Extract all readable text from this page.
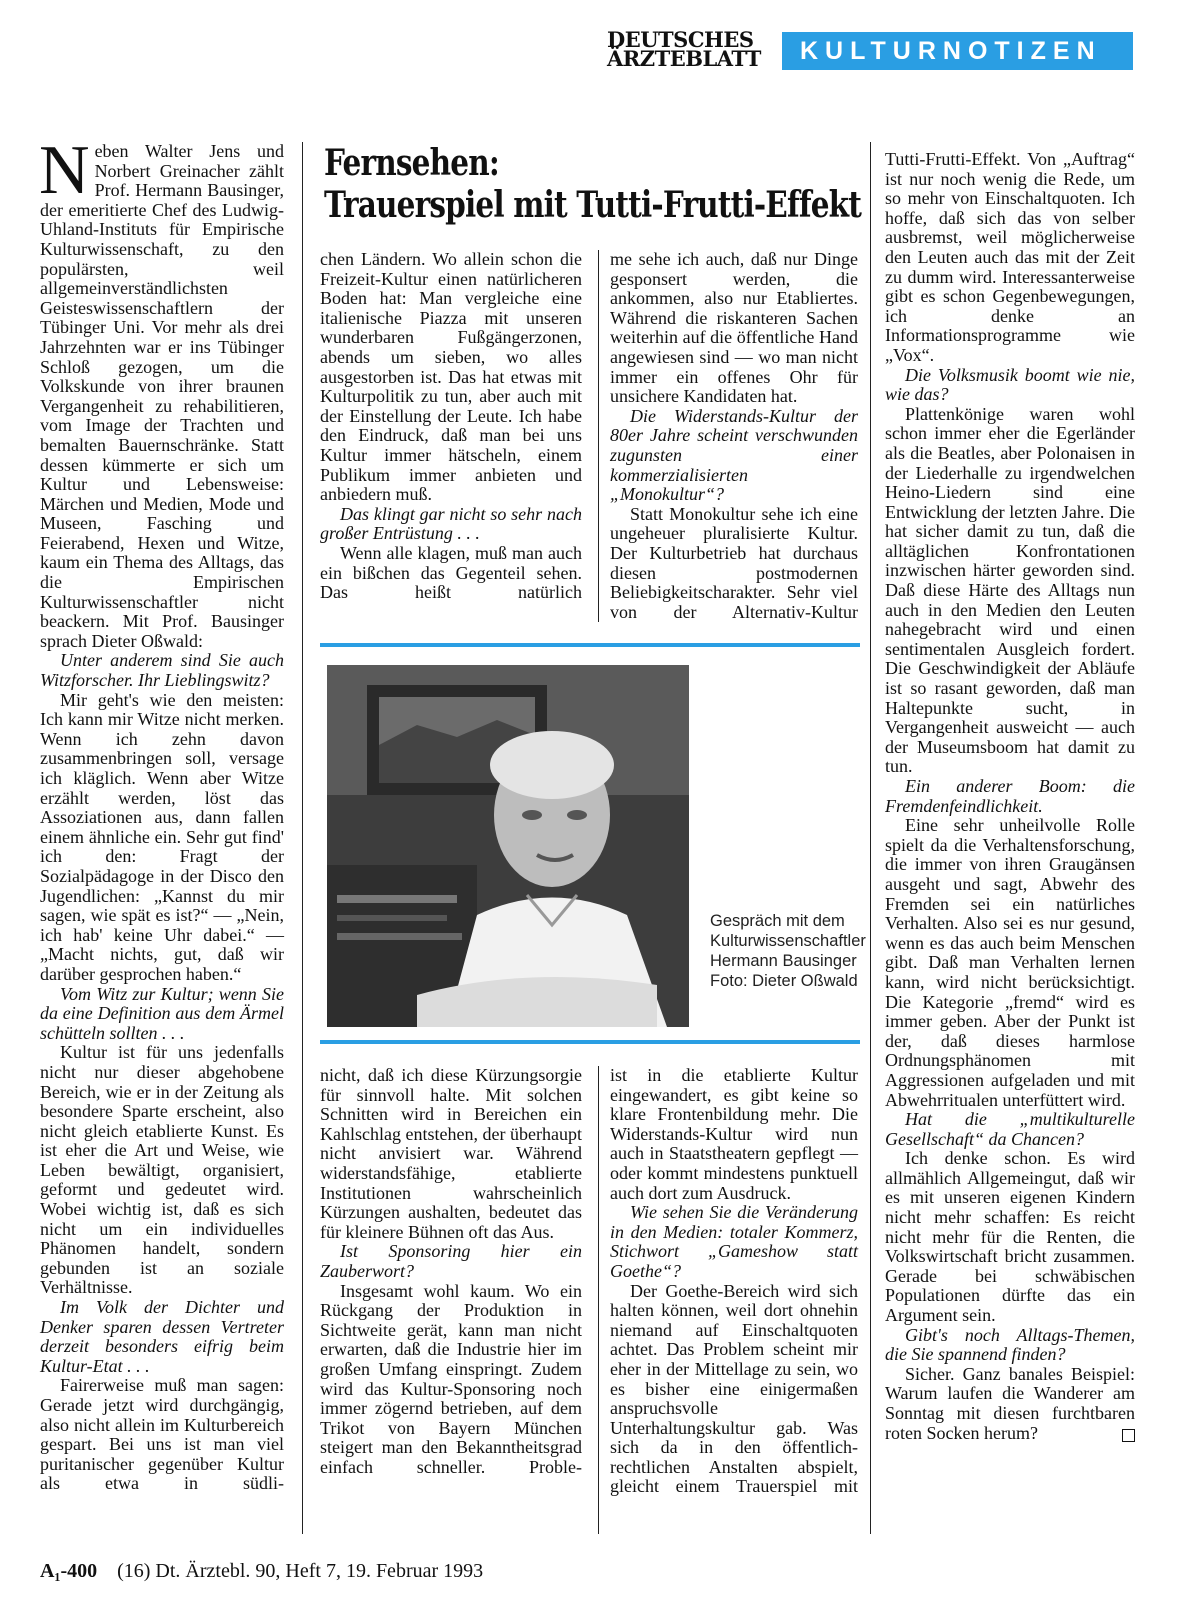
DEUTSCHES
ÄRZTEBLATT	KULTURNOTIZEN

Neben Walter Jens und Norbert Greinacher zählt Prof. Hermann Bausinger, der emeritierte Chef des Ludwig-Uhland-Instituts für Empirische Kulturwissenschaft, zu den populärsten, weil allgemeinverständlichsten Geisteswissenschaftlern der Tübinger Uni. Vor mehr als drei Jahrzehnten war er ins Tübinger Schloß gezogen, um die Volkskunde von ihrer braunen Vergangenheit zu rehabilitieren, vom Image der Trachten und bemalten Bauernschränke. Statt dessen kümmerte er sich um Kultur und Lebensweise: Märchen und Medien, Mode und Museen, Fasching und Feierabend, Hexen und Witze, kaum ein Thema des Alltags, das die Empirischen Kulturwissenschaftler nicht beackern. Mit Prof. Bausinger sprach Dieter Oßwald:

Unter anderem sind Sie auch Witzforscher. Ihr Lieblingswitz?

Mir geht's wie den meisten: Ich kann mir Witze nicht merken. Wenn ich zehn davon zusammenbringen soll, versage ich kläglich. Wenn aber Witze erzählt werden, löst das Assoziationen aus, dann fallen einem ähnliche ein. Sehr gut find' ich den: Fragt der Sozialpädagoge in der Disco den Jugendlichen: „Kannst du mir sagen, wie spät es ist?“ — „Nein, ich hab' keine Uhr dabei.“ — „Macht nichts, gut, daß wir darüber gesprochen haben.“

Vom Witz zur Kultur; wenn Sie da eine Definition aus dem Ärmel schütteln sollten . . .

Kultur ist für uns jedenfalls nicht nur dieser abgehobene Bereich, wie er in der Zeitung als besondere Sparte erscheint, also nicht gleich etablierte Kunst. Es ist eher die Art und Weise, wie Leben bewältigt, organisiert, geformt und gedeutet wird. Wobei wichtig ist, daß es sich nicht um ein individuelles Phänomen handelt, sondern gebunden ist an soziale Verhältnisse.

Im Volk der Dichter und Denker sparen dessen Vertreter derzeit besonders eifrig beim Kultur-Etat . . .

Fairerweise muß man sagen: Gerade jetzt wird durchgängig, also nicht allein im Kulturbereich gespart. Bei uns ist man viel puritanischer gegenüber Kultur als etwa in südli-

Fernsehen:
Trauerspiel mit Tutti-Frutti-Effekt

chen Ländern. Wo allein schon die Freizeit-Kultur einen natürlicheren Boden hat: Man vergleiche eine italienische Piazza mit unseren wunderbaren Fußgängerzonen, abends um sieben, wo alles ausgestorben ist. Das hat etwas mit Kulturpolitik zu tun, aber auch mit der Einstellung der Leute. Ich habe den Eindruck, daß man bei uns Kultur immer hätscheln, einem Publikum immer anbieten und anbiedern muß.

Das klingt gar nicht so sehr nach großer Entrüstung . . .

Wenn alle klagen, muß man auch ein bißchen das Gegenteil sehen. Das heißt natürlich

me sehe ich auch, daß nur Dinge gesponsert werden, die ankommen, also nur Etabliertes. Während die riskanteren Sachen weiterhin auf die öffentliche Hand angewiesen sind — wo man nicht immer ein offenes Ohr für unsichere Kandidaten hat.

Die Widerstands-Kultur der 80er Jahre scheint verschwunden zugunsten einer kommerzialisierten „Monokultur“?

Statt Monokultur sehe ich eine ungeheuer pluralisierte Kultur. Der Kulturbetrieb hat durchaus diesen postmodernen Beliebigkeitscharakter. Sehr viel von der Alternativ-Kultur

Gespräch mit dem Kulturwissenschaftler Hermann Bausinger Foto: Dieter Oßwald

nicht, daß ich diese Kürzungsorgie für sinnvoll halte. Mit solchen Schnitten wird in Bereichen ein Kahlschlag entstehen, der überhaupt nicht anvisiert war. Während widerstandsfähige, etablierte Institutionen wahrscheinlich Kürzungen aushalten, bedeutet das für kleinere Bühnen oft das Aus.

Ist Sponsoring hier ein Zauberwort?

Insgesamt wohl kaum. Wo ein Rückgang der Produktion in Sichtweite gerät, kann man nicht erwarten, daß die Industrie hier im großen Umfang einspringt. Zudem wird das Kultur-Sponsoring noch immer zögernd betrieben, auf dem Trikot von Bayern München steigert man den Bekanntheitsgrad einfach schneller. Proble-

ist in die etablierte Kultur eingewandert, es gibt keine so klare Frontenbildung mehr. Die Widerstands-Kultur wird nun auch in Staatstheatern gepflegt — oder kommt mindestens punktuell auch dort zum Ausdruck.

Wie sehen Sie die Veränderung in den Medien: totaler Kommerz, Stichwort „Gameshow statt Goethe“?

Der Goethe-Bereich wird sich halten können, weil dort ohnehin niemand auf Einschaltquoten achtet. Das Problem scheint mir eher in der Mittellage zu sein, wo es bisher eine einigermaßen anspruchsvolle Unterhaltungskultur gab. Was sich da in den öffentlich-rechtlichen Anstalten abspielt, gleicht einem Trauerspiel mit

Tutti-Frutti-Effekt. Von „Auftrag“ ist nur noch wenig die Rede, um so mehr von Einschaltquoten. Ich hoffe, daß sich das von selber ausbremst, weil möglicherweise den Leuten auch das mit der Zeit zu dumm wird. Interessanterweise gibt es schon Gegenbewegungen, ich denke an Informationsprogramme wie „Vox“.

Die Volksmusik boomt wie nie, wie das?

Plattenkönige waren wohl schon immer eher die Egerländer als die Beatles, aber Polonaisen in der Liederhalle zu irgendwelchen Heino-Liedern sind eine Entwicklung der letzten Jahre. Die hat sicher damit zu tun, daß die alltäglichen Konfrontationen inzwischen härter geworden sind. Daß diese Härte des Alltags nun auch in den Medien den Leuten nahegebracht wird und einen sentimentalen Ausgleich fordert. Die Geschwindigkeit der Abläufe ist so rasant geworden, daß man Haltepunkte sucht, in Vergangenheit ausweicht — auch der Museumsboom hat damit zu tun.

Ein anderer Boom: die Fremdenfeindlichkeit.

Eine sehr unheilvolle Rolle spielt da die Verhaltensforschung, die immer von ihren Graugänsen ausgeht und sagt, Abwehr des Fremden sei ein natürliches Verhalten. Also sei es nur gesund, wenn es das auch beim Menschen gibt. Daß man Verhalten lernen kann, wird nicht berücksichtigt. Die Kategorie „fremd“ wird es immer geben. Aber der Punkt ist der, daß dieses harmlose Ordnungsphänomen mit Aggressionen aufgeladen und mit Abwehrritualen unterfüttert wird.

Hat die „multikulturelle Gesellschaft“ da Chancen?

Ich denke schon. Es wird allmählich Allgemeingut, daß wir es mit unseren eigenen Kindern nicht mehr schaffen: Es reicht nicht mehr für die Renten, die Volkswirtschaft bricht zusammen. Gerade bei schwäbischen Populationen dürfte das ein Argument sein.

Gibt's noch Alltags-Themen, die Sie spannend finden?

Sicher. Ganz banales Beispiel: Warum laufen die Wanderer am Sonntag mit diesen furchtbaren roten Socken herum?

A₁-400 (16) Dt. Ärztebl. 90, Heft 7, 19. Februar 1993
